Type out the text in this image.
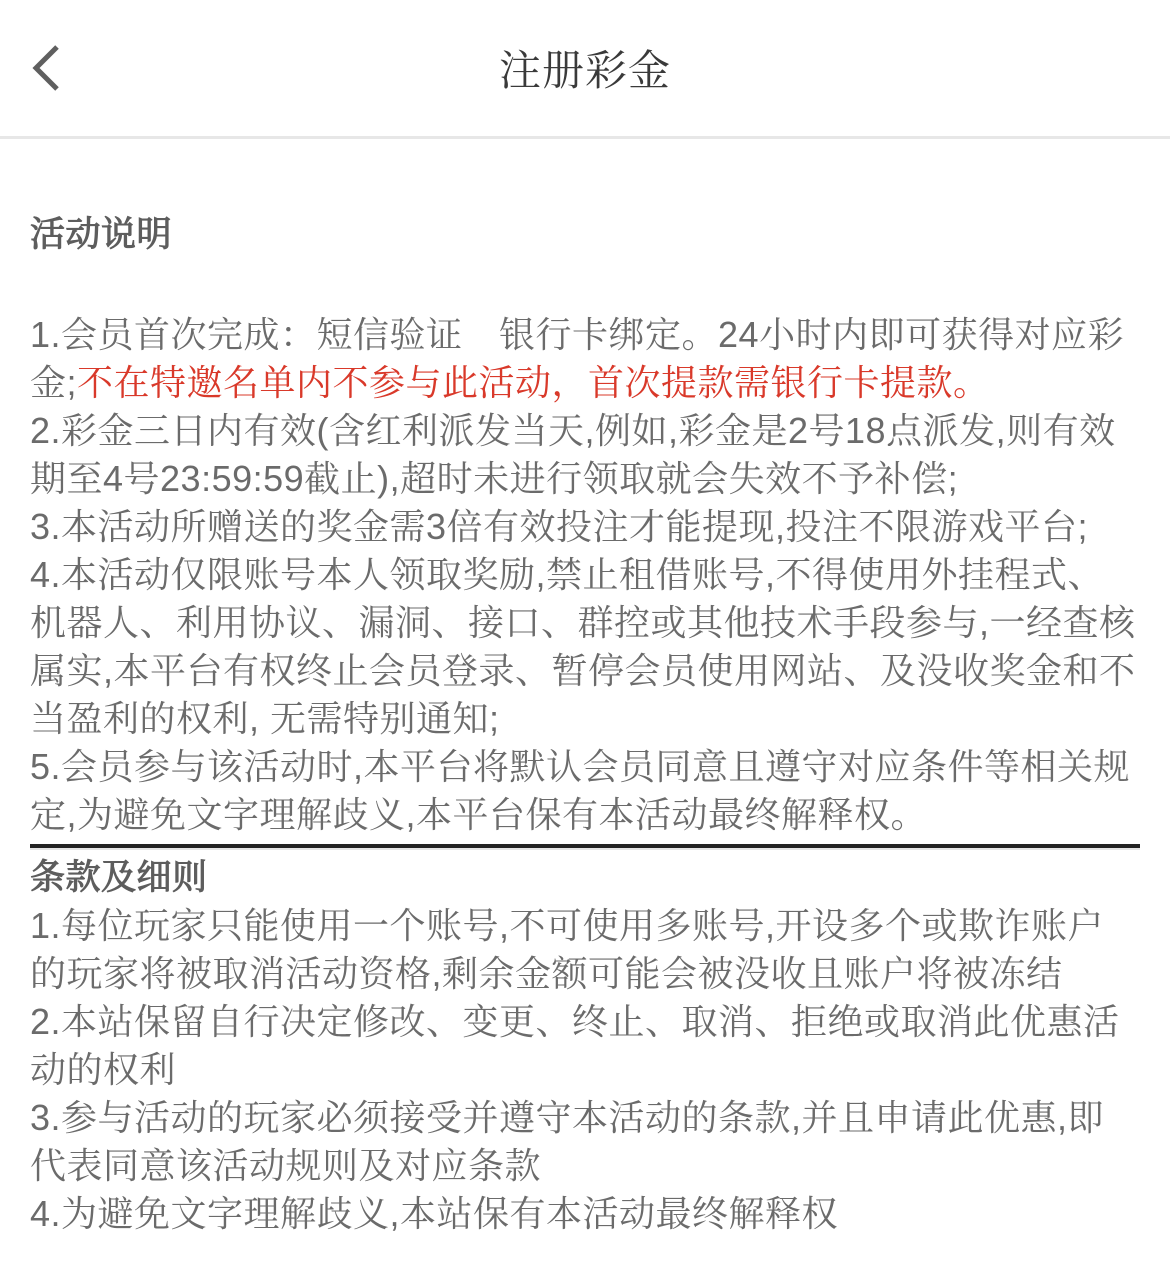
注册彩金
活动说明

1.会员首次完成：短信验证　银行卡绑定。24小时内即可获得对应彩金;不在特邀名单内不参与此活动，首次提款需银行卡提款。

2.彩金三日内有效(含红利派发当天,例如,彩金是2号18点派发,则有效期至4号23:59:59截止),超时未进行领取就会失效不予补偿;

3.本活动所赠送的奖金需3倍有效投注才能提现,投注不限游戏平台;

4.本活动仅限账号本人领取奖励,禁止租借账号,不得使用外挂程式、机器人、利用协议、漏洞、接口、群控或其他技术手段参与,一经查核属实,本平台有权终止会员登录、暂停会员使用网站、及没收奖金和不当盈利的权利, 无需特别通知;

5.会员参与该活动时,本平台将默认会员同意且遵守对应条件等相关规定,为避免文字理解歧义,本平台保有本活动最终解释权。

条款及细则

1.每位玩家只能使用一个账号,不可使用多账号,开设多个或欺诈账户的玩家将被取消活动资格,剩余金额可能会被没收且账户将被冻结

2.本站保留自行决定修改、变更、终止、取消、拒绝或取消此优惠活动的权利

3.参与活动的玩家必须接受并遵守本活动的条款,并且申请此优惠,即代表同意该活动规则及对应条款

4.为避免文字理解歧义,本站保有本活动最终解释权
